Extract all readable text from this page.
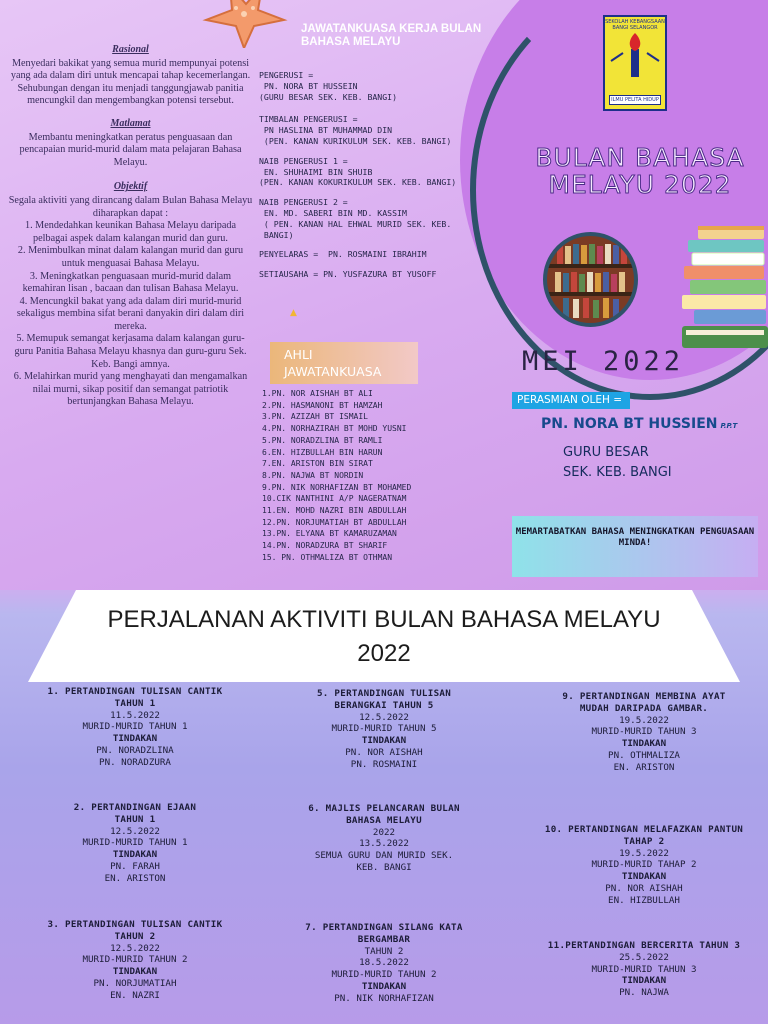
Rasional
Menyedari bakikat yang semua murid mempunyai potensi yang ada dalam diri untuk mencapai tahap kecemerlangan. Sehubungan dengan itu menjadi tanggungjawab panitia mencungkil dan mengembangkan potensi tersebut.
Matlamat
Membantu meningkatkan peratus penguasaan dan pencapaian murid-murid dalam mata pelajaran Bahasa Melayu.
Objektif
Segala aktiviti yang dirancang dalam Bulan Bahasa Melayu diharapkan dapat :
1. Mendedahkan keunikan Bahasa Melayu daripada pelbagai aspek dalam kalangan murid dan guru.
2. Menimbulkan minat dalam kalangan murid dan guru untuk menguasai Bahasa Melayu.
3. Meningkatkan penguasaan murid-murid dalam kemahiran lisan , bacaan dan tulisan Bahasa Melayu.
4. Mencungkil bakat yang ada dalam diri murid-murid sekaligus membina sifat berani danyakin diri dalam diri mereka.
5. Memupuk semangat kerjasama dalam kalangan guru-guru Panitia Bahasa Melayu khasnya dan guru-guru Sek. Keb. Bangi amnya.
6. Melahirkan murid yang menghayati dan mengamalkan nilai murni, sikap positif dan semangat patriotik bertunjangkan Bahasa Melayu.
JAWATANKUASA KERJA BULAN BAHASA MELAYU
PENGERUSI =
PN. NORA BT HUSSEIN
(GURU BESAR SEK. KEB. BANGI)
TIMBALAN PENGERUSI =
PN HASLINA BT MUHAMMAD DIN
(PEN. KANAN KURIKULUM SEK. KEB. BANGI)
NAIB PENGERUSI 1 =
EN. SHUHAIMI BIN SHUIB
(PEN. KANAN KOKURIKULUM SEK. KEB. BANGI)
NAIB PENGERUSI 2 =
EN. MD. SABERI BIN MD. KASSIM
( PEN. KANAN HAL EHWAL MURID SEK. KEB.
BANGI)
PENYELARAS =  PN. ROSMAINI IBRAHIM
SETIAUSAHA = PN. YUSFAZURA BT YUSOFF
▲
AHLI JAWATANKUASA
1.PN. NOR AISHAH BT ALI
2.PN. HASMANONI BT HAMZAH
3.PN. AZIZAH BT ISMAIL
4.PN. NORHAZIRAH BT MOHD YUSNI
5.PN. NORADZLINA BT RAMLI
6.EN. HIZBULLAH BIN HARUN
7.EN. ARISTON BIN SIRAT
8.PN. NAJWA BT NORDIN
9.PN. NIK NORHAFIZAN BT MOHAMED
10.CIK NANTHINI A/P NAGERATNAM
11.EN. MOHD NAZRI BIN ABDULLAH
12.PN. NORJUMATIAH BT ABDULLAH
13.PN. ELYANA BT KAMARUZAMAN
14.PN. NORADZURA BT SHARIF
15. PN. OTHMALIZA BT OTHMAN
SEKOLAH KEBANGSAAN BANGI SELANGOR
ILMU PELITA HIDUP
BULAN BAHASA MELAYU 2022
MEI 2022
PERASMIAN OLEH =
PN. NORA BT HUSSIEN P.P.T
GURU BESAR
SEK. KEB. BANGI
MEMARTABATKAN BAHASA MENINGKATKAN PENGUASAAN MINDA!
PERJALANAN AKTIVITI BULAN BAHASA MELAYU 2022
1. PERTANDINGAN TULISAN CANTIK TAHUN 1
11.5.2022
MURID-MURID TAHUN 1
TINDAKAN
PN. NORADZLINA
PN. NORADZURA
2. PERTANDINGAN EJAAN TAHUN 1
12.5.2022
MURID-MURID TAHUN 1
TINDAKAN
PN. FARAH
EN. ARISTON
3. PERTANDINGAN TULISAN CANTIK TAHUN 2
12.5.2022
MURID-MURID TAHUN 2
TINDAKAN
PN. NORJUMATIAH
EN. NAZRI
5. PERTANDINGAN TULISAN BERANGKAI TAHUN 5
12.5.2022
MURID-MURID TAHUN 5
TINDAKAN
PN. NOR AISHAH
PN. ROSMAINI
6. MAJLIS PELANCARAN BULAN BAHASA MELAYU
2022
13.5.2022
SEMUA GURU DAN MURID SEK. KEB. BANGI
7. PERTANDINGAN SILANG KATA BERGAMBAR
TAHUN 2
18.5.2022
MURID-MURID TAHUN 2
TINDAKAN
PN. NIK NORHAFIZAN
9. PERTANDINGAN MEMBINA AYAT MUDAH DARIPADA GAMBAR.
19.5.2022
MURID-MURID TAHUN 3
TINDAKAN
PN. OTHMALIZA
EN. ARISTON
10. PERTANDINGAN MELAFAZKAN PANTUN TAHAP 2
19.5.2022
MURID-MURID TAHAP 2
TINDAKAN
PN. NOR AISHAH
EN. HIZBULLAH
11.PERTANDINGAN BERCERITA TAHUN 3
25.5.2022
MURID-MURID TAHUN 3
TINDAKAN
PN. NAJWA
